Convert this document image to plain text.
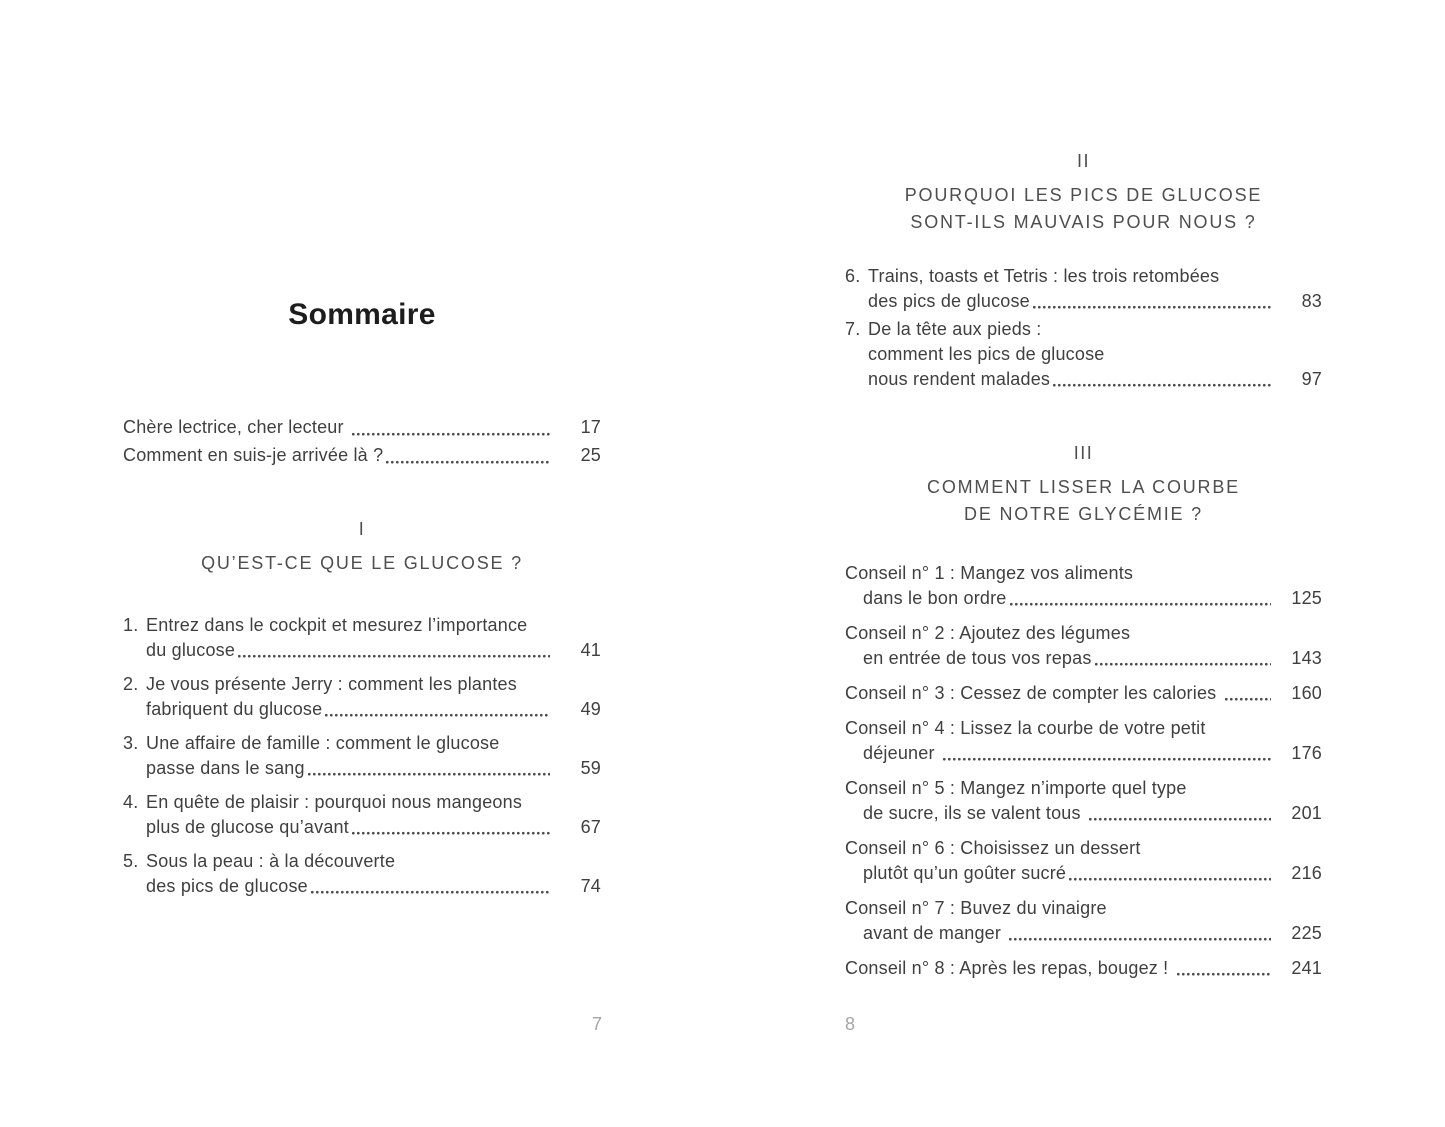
Sommaire
Chère lectrice, cher lecteur	17
Comment en suis-je arrivée là ?	25
I
QU’EST-CE QUE LE GLUCOSE ?
1. Entrez dans le cockpit et mesurez l’importance
du glucose	41
2. Je vous présente Jerry : comment les plantes
fabriquent du glucose	49
3. Une affaire de famille : comment le glucose
passe dans le sang	59
4. En quête de plaisir : pourquoi nous mangeons
plus de glucose qu’avant	67
5. Sous la peau : à la découverte
des pics de glucose	74
II
POURQUOI LES PICS DE GLUCOSE
SONT-ILS MAUVAIS POUR NOUS ?
6. Trains, toasts et Tetris : les trois retombées
des pics de glucose	83
7. De la tête aux pieds :
comment les pics de glucose
nous rendent malades	97
III
COMMENT LISSER LA COURBE
DE NOTRE GLYCÉMIE ?
Conseil n° 1 : Mangez vos aliments
dans le bon ordre	125
Conseil n° 2 : Ajoutez des légumes
en entrée de tous vos repas	143
Conseil n° 3 : Cessez de compter les calories	160
Conseil n° 4 : Lissez la courbe de votre petit
déjeuner	176
Conseil n° 5 : Mangez n’importe quel type
de sucre, ils se valent tous	201
Conseil n° 6 : Choisissez un dessert
plutôt qu’un goûter sucré	216
Conseil n° 7 : Buvez du vinaigre
avant de manger	225
Conseil n° 8 : Après les repas, bougez !	241
7	8
